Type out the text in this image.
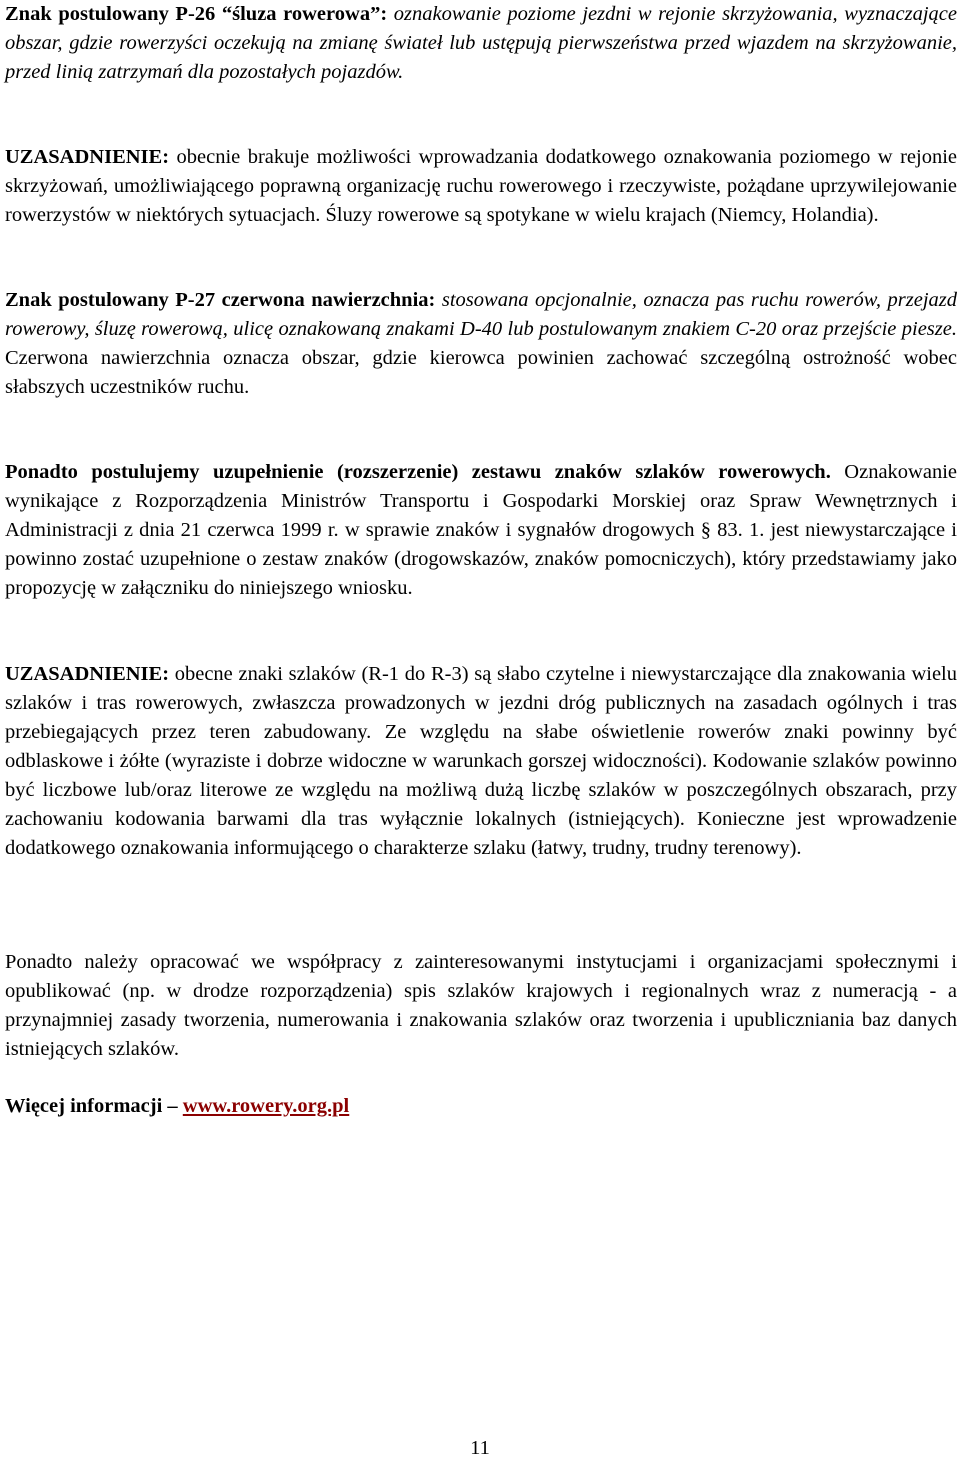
Znak postulowany P-26 “śluza rowerowa”: oznakowanie poziome jezdni w rejonie skrzyżowania, wyznaczające obszar, gdzie rowerzyści oczekują na zmianę świateł lub ustępują pierwszeństwa przed wjazdem na skrzyżowanie, przed linią zatrzymań dla pozostałych pojazdów.

UZASADNIENIE: obecnie brakuje możliwości wprowadzania dodatkowego oznakowania poziomego w rejonie skrzyżowań, umożliwiającego poprawną organizację ruchu rowerowego i rzeczywiste, pożądane uprzywilejowanie rowerzystów w niektórych sytuacjach. Śluzy rowerowe są spotykane w wielu krajach (Niemcy, Holandia).

Znak postulowany P-27 czerwona nawierzchnia: stosowana opcjonalnie, oznacza pas ruchu rowerów, przejazd rowerowy, śluzę rowerową, ulicę oznakowaną znakami D-40 lub postulowanym znakiem C-20 oraz przejście piesze. Czerwona nawierzchnia oznacza obszar, gdzie kierowca powinien zachować szczególną ostrożność wobec słabszych uczestników ruchu.

Ponadto postulujemy uzupełnienie (rozszerzenie) zestawu znaków szlaków rowerowych. Oznakowanie wynikające z Rozporządzenia Ministrów Transportu i Gospodarki Morskiej oraz Spraw Wewnętrznych i Administracji z dnia 21 czerwca 1999 r. w sprawie znaków i sygnałów drogowych § 83. 1. jest niewystarczające i powinno zostać uzupełnione o zestaw znaków (drogowskazów, znaków pomocniczych), który przedstawiamy jako propozycję w załączniku do niniejszego wniosku.

UZASADNIENIE: obecne znaki szlaków (R-1 do R-3) są słabo czytelne i niewystarczające dla znakowania wielu szlaków i tras rowerowych, zwłaszcza prowadzonych w jezdni dróg publicznych na zasadach ogólnych i tras przebiegających przez teren zabudowany. Ze względu na słabe oświetlenie rowerów znaki powinny być odblaskowe i żółte (wyraziste i dobrze widoczne w warunkach gorszej widoczności). Kodowanie szlaków powinno być liczbowe lub/oraz literowe ze względu na możliwą dużą liczbę szlaków w poszczególnych obszarach, przy zachowaniu kodowania barwami dla tras wyłącznie lokalnych (istniejących). Konieczne jest wprowadzenie dodatkowego oznakowania informującego o charakterze szlaku (łatwy, trudny, trudny terenowy).

Ponadto należy opracować we współpracy z zainteresowanymi instytucjami i organizacjami społecznymi i opublikować (np. w drodze rozporządzenia) spis szlaków krajowych i regionalnych wraz z numeracją - a przynajmniej zasady tworzenia, numerowania i znakowania szlaków oraz tworzenia i upubliczniania baz danych istniejących szlaków.

Więcej informacji – www.rowery.org.pl

11
